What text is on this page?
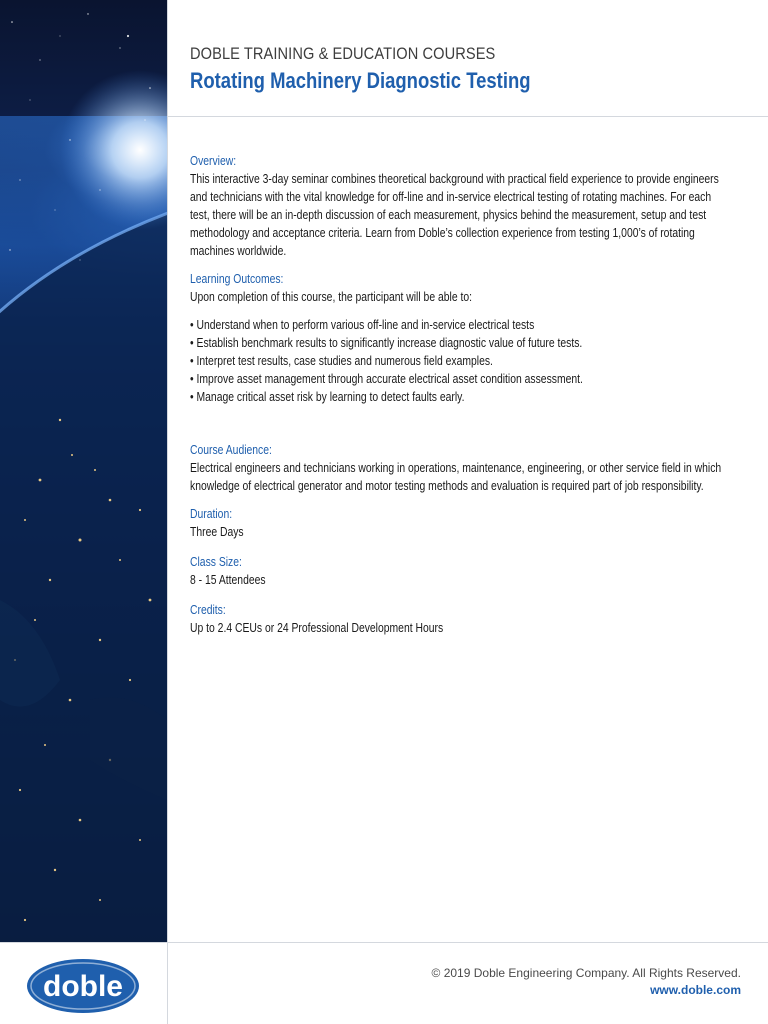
DOBLE TRAINING & EDUCATION COURSES
Rotating Machinery Diagnostic Testing

Overview:

This interactive 3-day seminar combines theoretical background with practical field experience to provide engineers and technicians with the vital knowledge for off-line and in-service electrical testing of rotating machines. For each test, there will be an in-depth discussion of each measurement, physics behind the measurement, setup and test methodology and acceptance criteria. Learn from Doble’s collection experience from testing 1,000’s of rotating machines worldwide.

Learning Outcomes:

Upon completion of this course, the participant will be able to:

• Understand when to perform various off-line and in-service electrical tests
• Establish benchmark results to significantly increase diagnostic value of future tests.
• Interpret test results, case studies and numerous field examples.
• Improve asset management through accurate electrical asset condition assessment.
• Manage critical asset risk by learning to detect faults early.

Course Audience:

Electrical engineers and technicians working in operations, maintenance, engineering, or other service field in which knowledge of electrical generator and motor testing methods and evaluation is required part of job responsibility.

Duration:

Three Days

Class Size:

8 - 15 Attendees

Credits:

Up to 2.4 CEUs or 24 Professional Development Hours

doble	© 2019 Doble Engineering Company. All Rights Reserved.
www.doble.com
